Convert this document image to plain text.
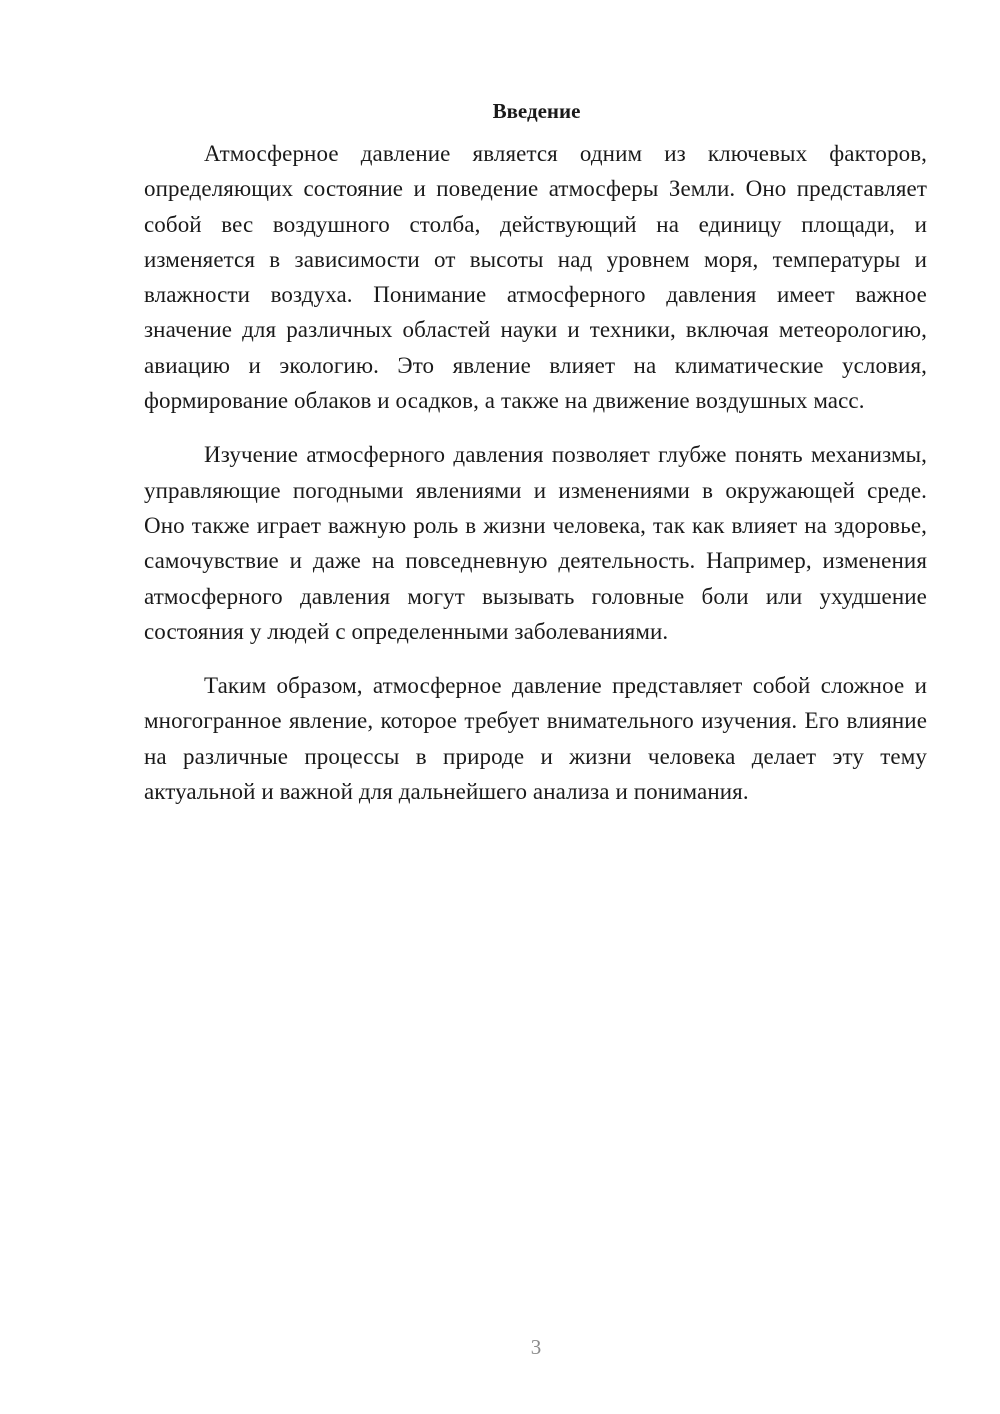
Введение

Атмосферное давление является одним из ключевых факторов, определяющих состояние и поведение атмосферы Земли. Оно представляет собой вес воздушного столба, действующий на единицу площади, и изменяется в зависимости от высоты над уровнем моря, температуры и влажности воздуха. Понимание атмосферного давления имеет важное значение для различных областей науки и техники, включая метеорологию, авиацию и экологию. Это явление влияет на климатические условия, формирование облаков и осадков, а также на движение воздушных масс.

Изучение атмосферного давления позволяет глубже понять механизмы, управляющие погодными явлениями и изменениями в окружающей среде. Оно также играет важную роль в жизни человека, так как влияет на здоровье, самочувствие и даже на повседневную деятельность. Например, изменения атмосферного давления могут вызывать головные боли или ухудшение состояния у людей с определенными заболеваниями.

Таким образом, атмосферное давление представляет собой сложное и многогранное явление, которое требует внимательного изучения. Его влияние на различные процессы в природе и жизни человека делает эту тему актуальной и важной для дальнейшего анализа и понимания.

3
